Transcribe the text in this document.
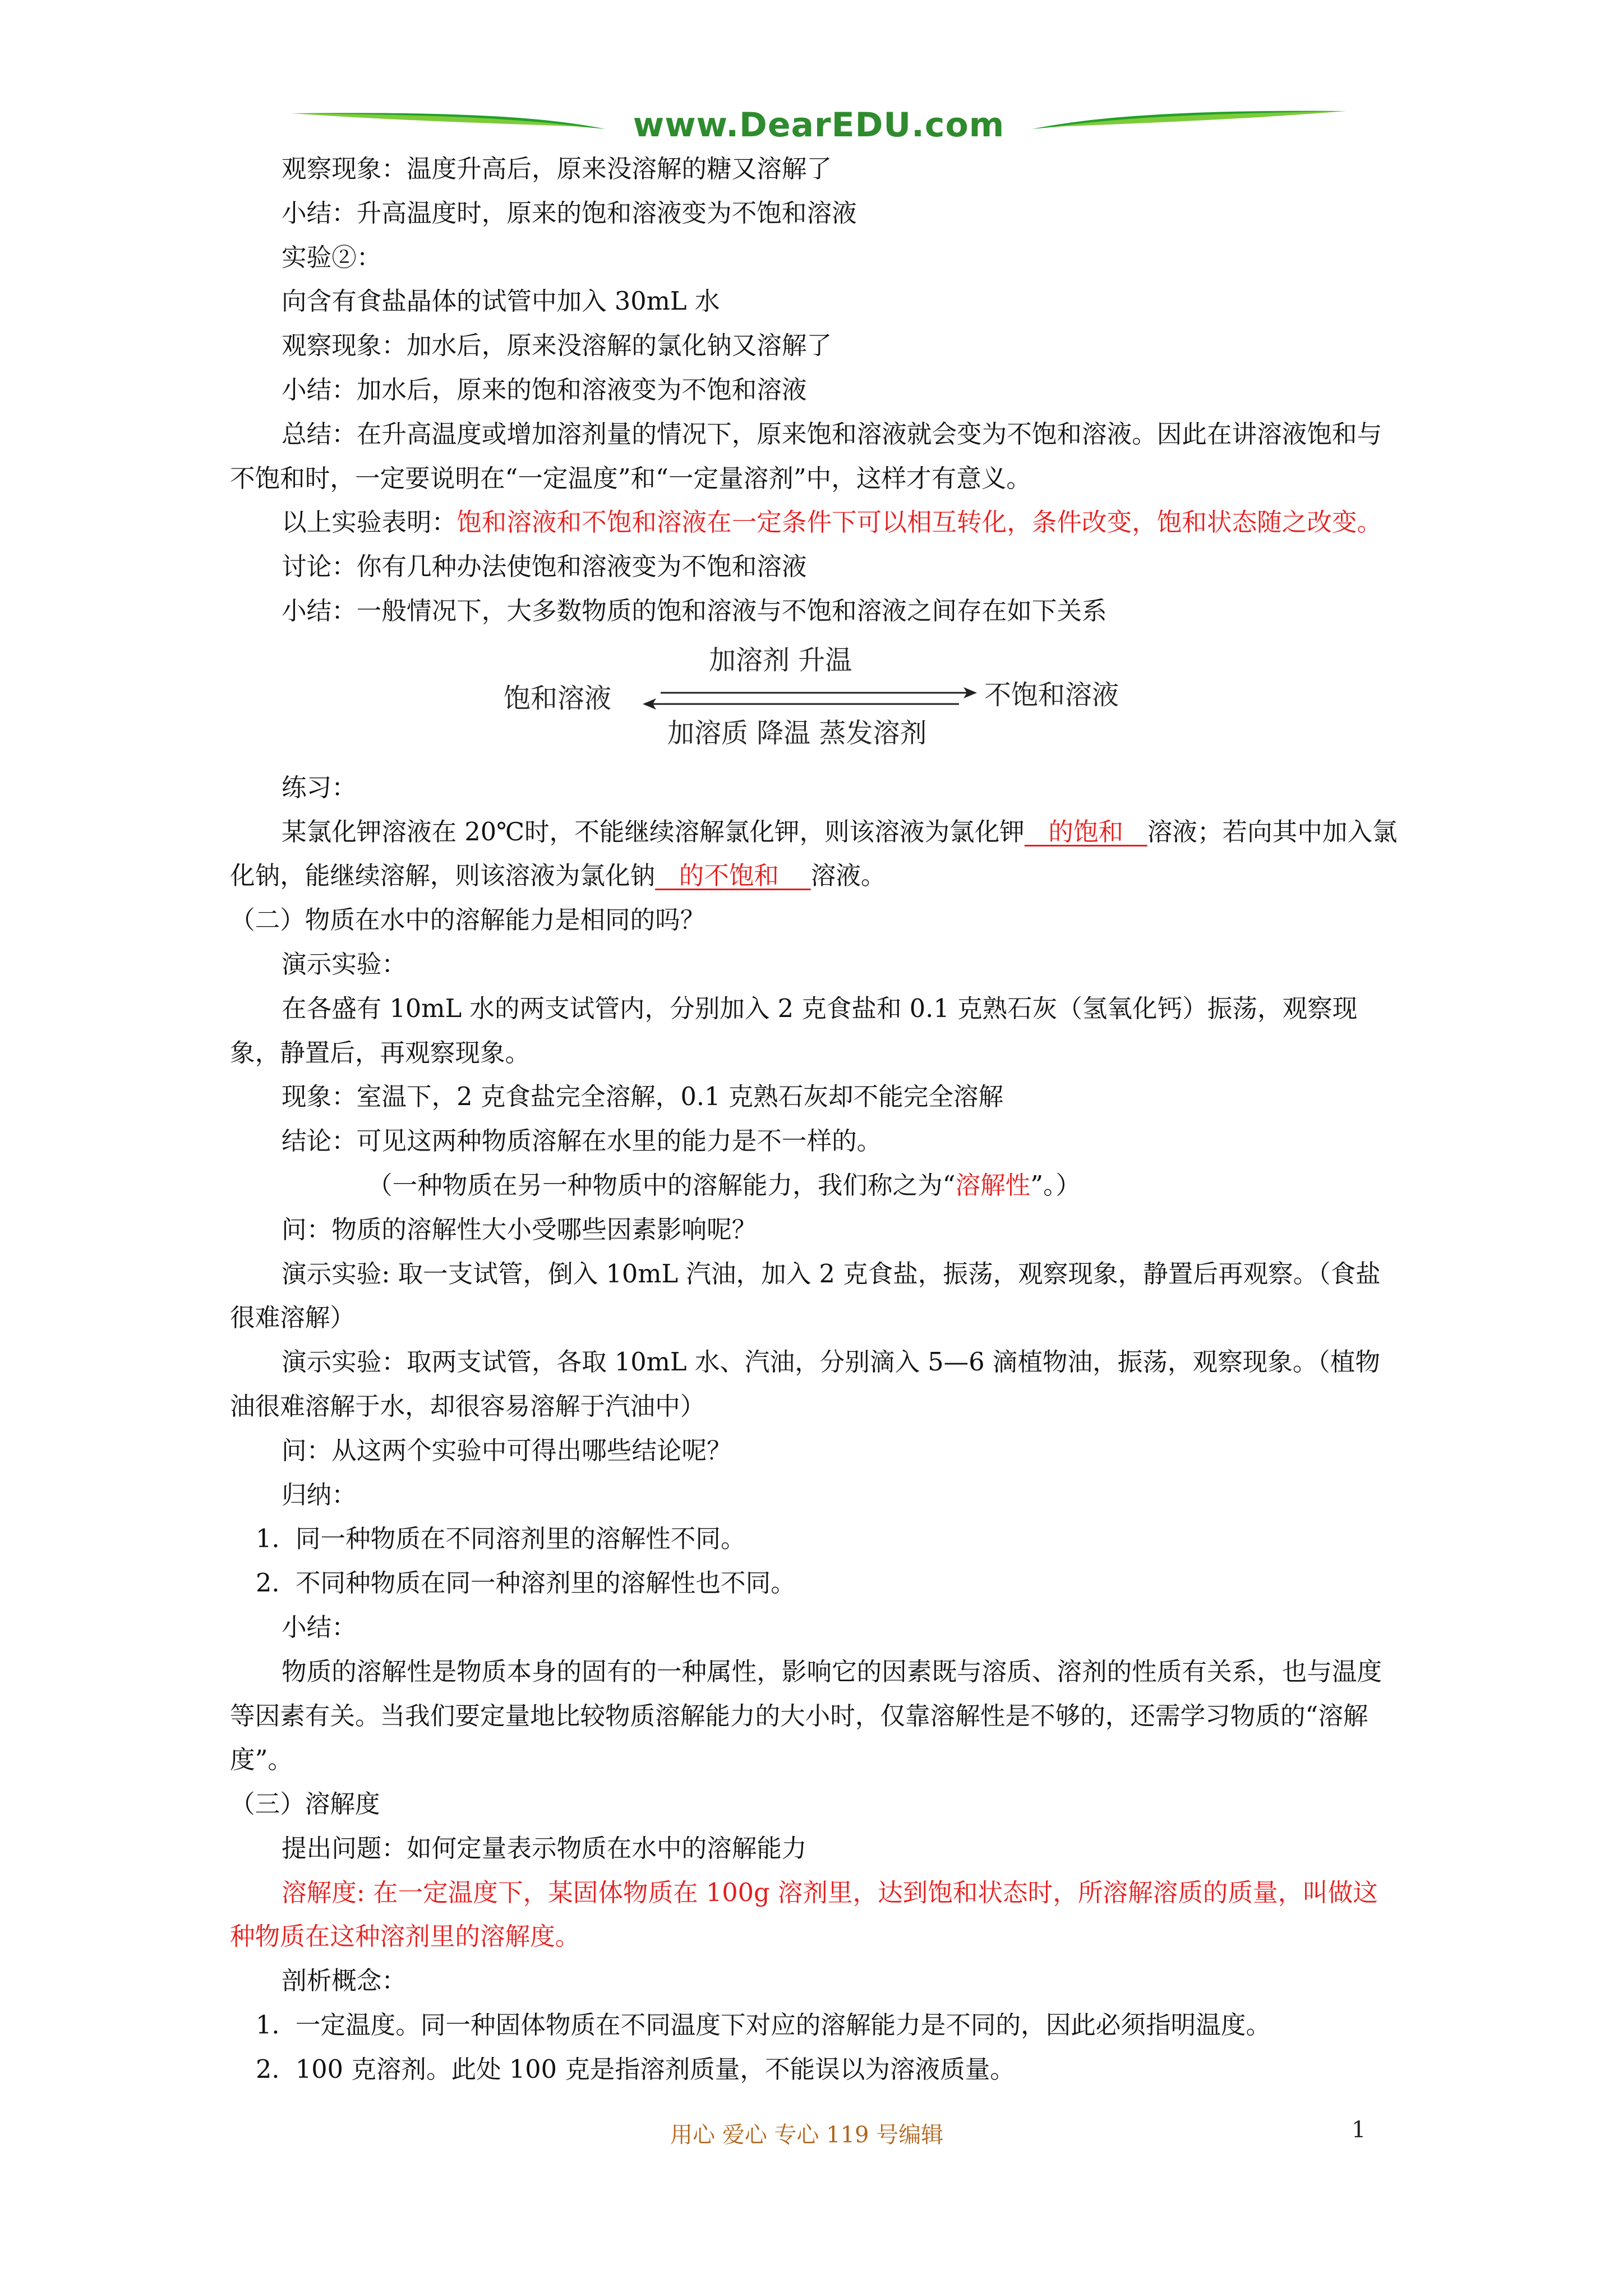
www.DearEDU.com

观察现象：温度升高后，原来没溶解的糖又溶解了

小结：升高温度时，原来的饱和溶液变为不饱和溶液

实验②：

向含有食盐晶体的试管中加入 30mL 水

观察现象：加水后，原来没溶解的氯化钠又溶解了

小结：加水后，原来的饱和溶液变为不饱和溶液

总结：在升高温度或增加溶剂量的情况下，原来饱和溶液就会变为不饱和溶液。因此在讲溶液饱和与不饱和时，一定要说明在“一定温度”和“一定量溶剂”中，这样才有意义。

以上实验表明：饱和溶液和不饱和溶液在一定条件下可以相互转化，条件改变，饱和状态随之改变。

讨论：你有几种办法使饱和溶液变为不饱和溶液

小结：一般情况下，大多数物质的饱和溶液与不饱和溶液之间存在如下关系

饱和溶液	不饱和溶液
加溶剂 升温
加溶质 降温 蒸发溶剂

练习：

某氯化钾溶液在 20℃时，不能继续溶解氯化钾，则该溶液为氯化钾   的饱和   溶液；若向其中加入氯化钠，能继续溶解，则该溶液为氯化钠   的不饱和    溶液。

（二）物质在水中的溶解能力是相同的吗？

演示实验：

在各盛有 10mL 水的两支试管内，分别加入 2 克食盐和 0.1 克熟石灰（氢氧化钙）振荡，观察现象，静置后，再观察现象。

现象：室温下，2 克食盐完全溶解，0.1 克熟石灰却不能完全溶解

结论：可见这两种物质溶解在水里的能力是不一样的。

（一种物质在另一种物质中的溶解能力，我们称之为“溶解性”。）

问：物质的溶解性大小受哪些因素影响呢？

演示实验: 取一支试管，倒入 10mL 汽油，加入 2 克食盐，振荡，观察现象，静置后再观察。（食盐很难溶解）

演示实验：取两支试管，各取 10mL 水、汽油，分别滴入 5—6 滴植物油，振荡，观察现象。（植物油很难溶解于水，却很容易溶解于汽油中）

问：从这两个实验中可得出哪些结论呢？

归纳：

1.  同一种物质在不同溶剂里的溶解性不同。

2.  不同种物质在同一种溶剂里的溶解性也不同。

小结：

物质的溶解性是物质本身的固有的一种属性，影响它的因素既与溶质、溶剂的性质有关系，也与温度等因素有关。当我们要定量地比较物质溶解能力的大小时，仅靠溶解性是不够的，还需学习物质的“溶解度”。

（三）溶解度

提出问题：如何定量表示物质在水中的溶解能力

溶解度: 在一定温度下，某固体物质在 100g 溶剂里，达到饱和状态时，所溶解溶质的质量，叫做这种物质在这种溶剂里的溶解度。

剖析概念：

1.  一定温度。同一种固体物质在不同温度下对应的溶解能力是不同的，因此必须指明温度。

2.  100 克溶剂。此处 100 克是指溶剂质量，不能误以为溶液质量。

用心 爱心 专心 119 号编辑	1
